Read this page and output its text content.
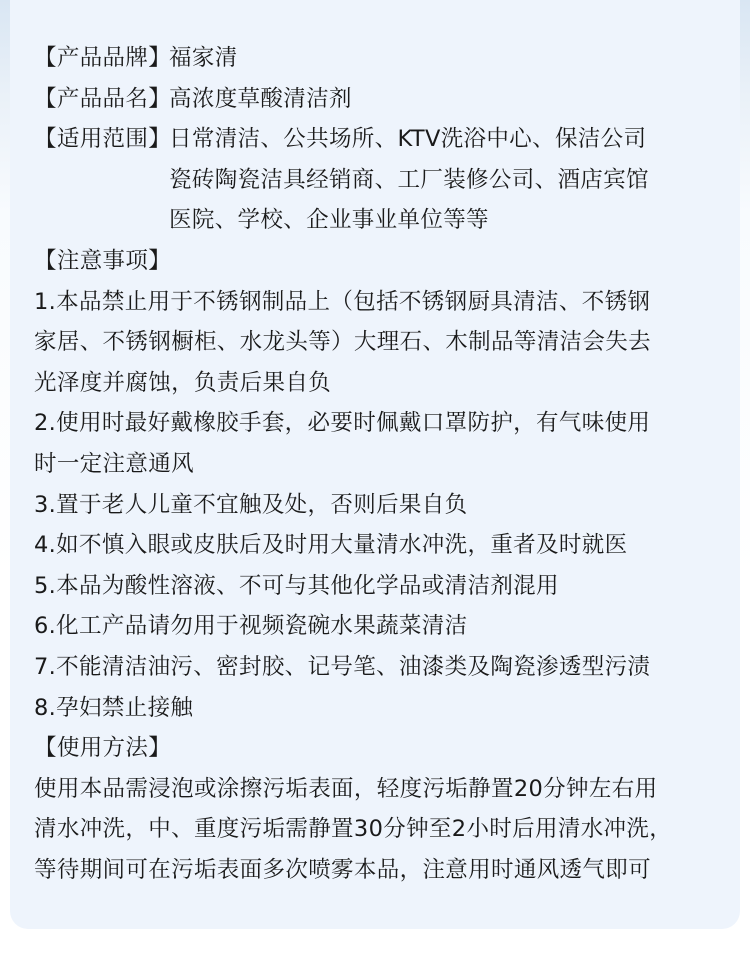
【产品品牌】
福家清
【产品品名】
高浓度草酸清洁剂
【适用范围】
日常清洁、公共场所、KTV洗浴中心、保洁公司
瓷砖陶瓷洁具经销商、工厂装修公司、酒店宾馆
医院、学校、企业事业单位等等
【注意事项】
1.本品禁止用于不锈钢制品上（包括不锈钢厨具清洁、不锈钢
家居、不锈钢橱柜、水龙头等）大理石、木制品等清洁会失去
光泽度并腐蚀，负责后果自负
2.使用时最好戴橡胶手套，必要时佩戴口罩防护，有气味使用
时一定注意通风
3.置于老人儿童不宜触及处，否则后果自负
4.如不慎入眼或皮肤后及时用大量清水冲洗，重者及时就医
5.本品为酸性溶液、不可与其他化学品或清洁剂混用
6.化工产品请勿用于视频瓷碗水果蔬菜清洁
7.不能清洁油污、密封胶、记号笔、油漆类及陶瓷渗透型污渍
8.孕妇禁止接触
【使用方法】
使用本品需浸泡或涂擦污垢表面，轻度污垢静置20分钟左右用
清水冲洗，中、重度污垢需静置30分钟至2小时后用清水冲洗，
等待期间可在污垢表面多次喷雾本品，注意用时通风透气即可
